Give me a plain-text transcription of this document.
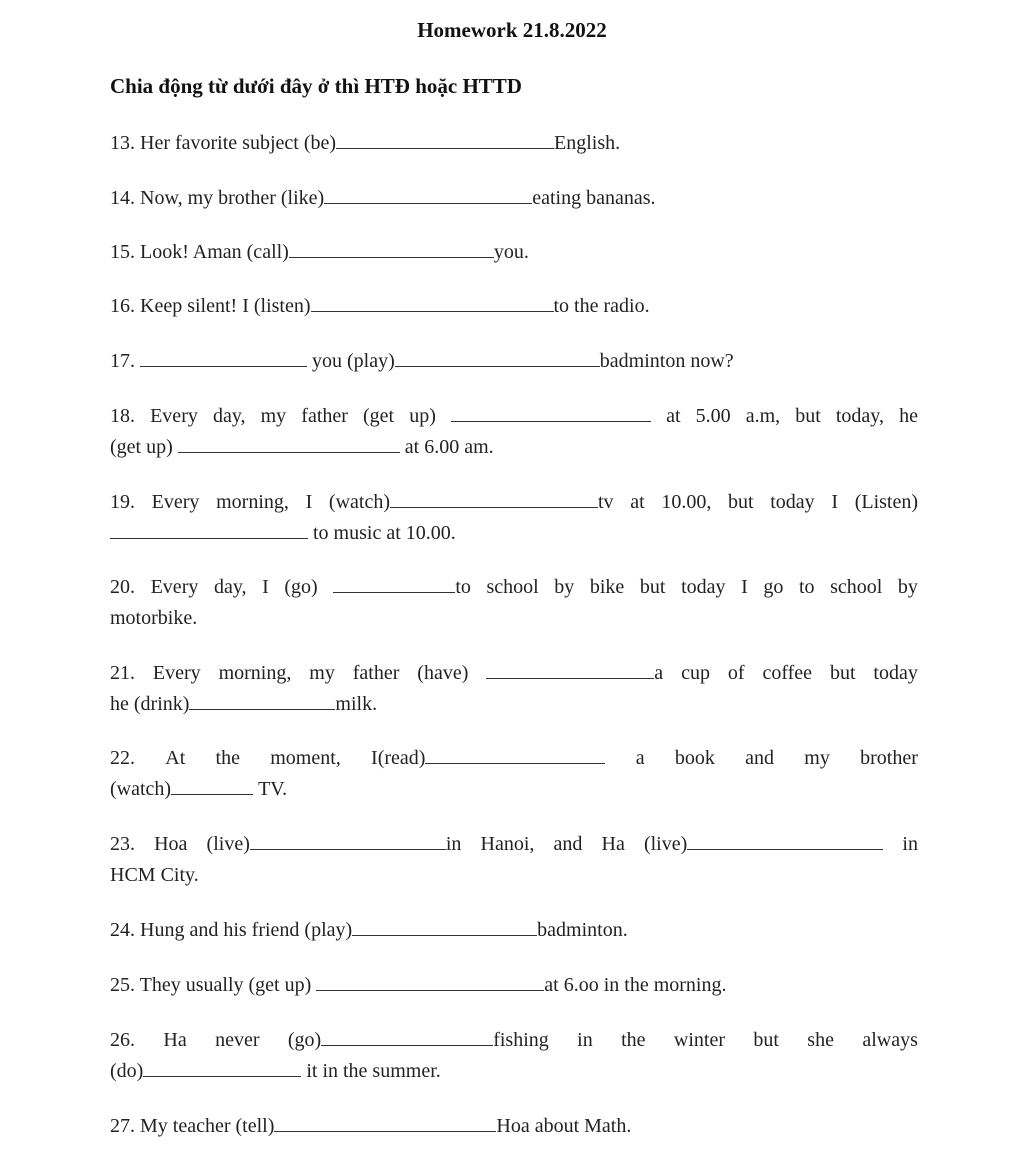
Homework 21.8.2022
Chia động từ dưới đây ở thì HTĐ hoặc HTTD
13. Her favorite subject (be)	English.
14. Now, my brother (like)	eating bananas.
15. Look! Aman (call)	you.
16. Keep silent! I (listen)	to the radio.
17.	you (play)	badminton now?
18. Every day, my father (get up)	at 5.00 a.m, but today, he
(get up)	at 6.00 am.
19. Every morning, I (watch)	tv at 10.00, but today I (Listen)
to music at 10.00.
20. Every day, I (go)	to school by bike but today I go to school by
motorbike.
21. Every morning, my father (have)	a cup of coffee but today
he (drink)	milk.
22. At the moment, I(read)	a book and my brother
(watch)	TV.
23. Hoa (live)	in Hanoi, and Ha (live)	in
HCM City.
24. Hung and his friend (play)	badminton.
25. They usually (get up)	at 6.oo in the morning.
26. Ha never (go)	fishing in the winter but she always
(do)	it in the summer.
27. My teacher (tell)	Hoa about Math.
